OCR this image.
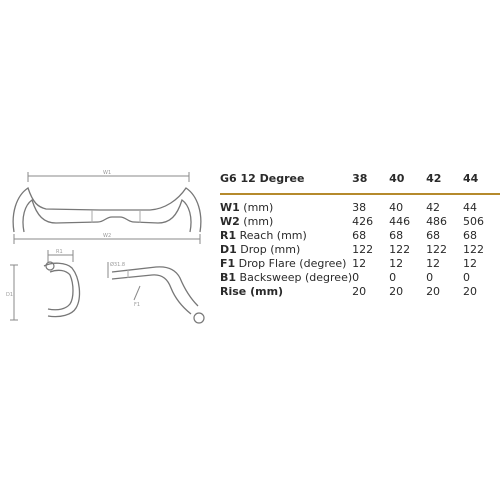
W1
W2
R1
D1
Ø31.8
F1
G6 12 Degree	38	40	42	44
W1 (mm)	38	40	42	44
W2 (mm)	426	446	486	506
R1 Reach (mm)	68	68	68	68
D1 Drop (mm)	122	122	122	122
F1 Drop Flare (degree)	12	12	12	12
B1 Backsweep (degree)	0	0	0	0
Rise (mm)	20	20	20	20
